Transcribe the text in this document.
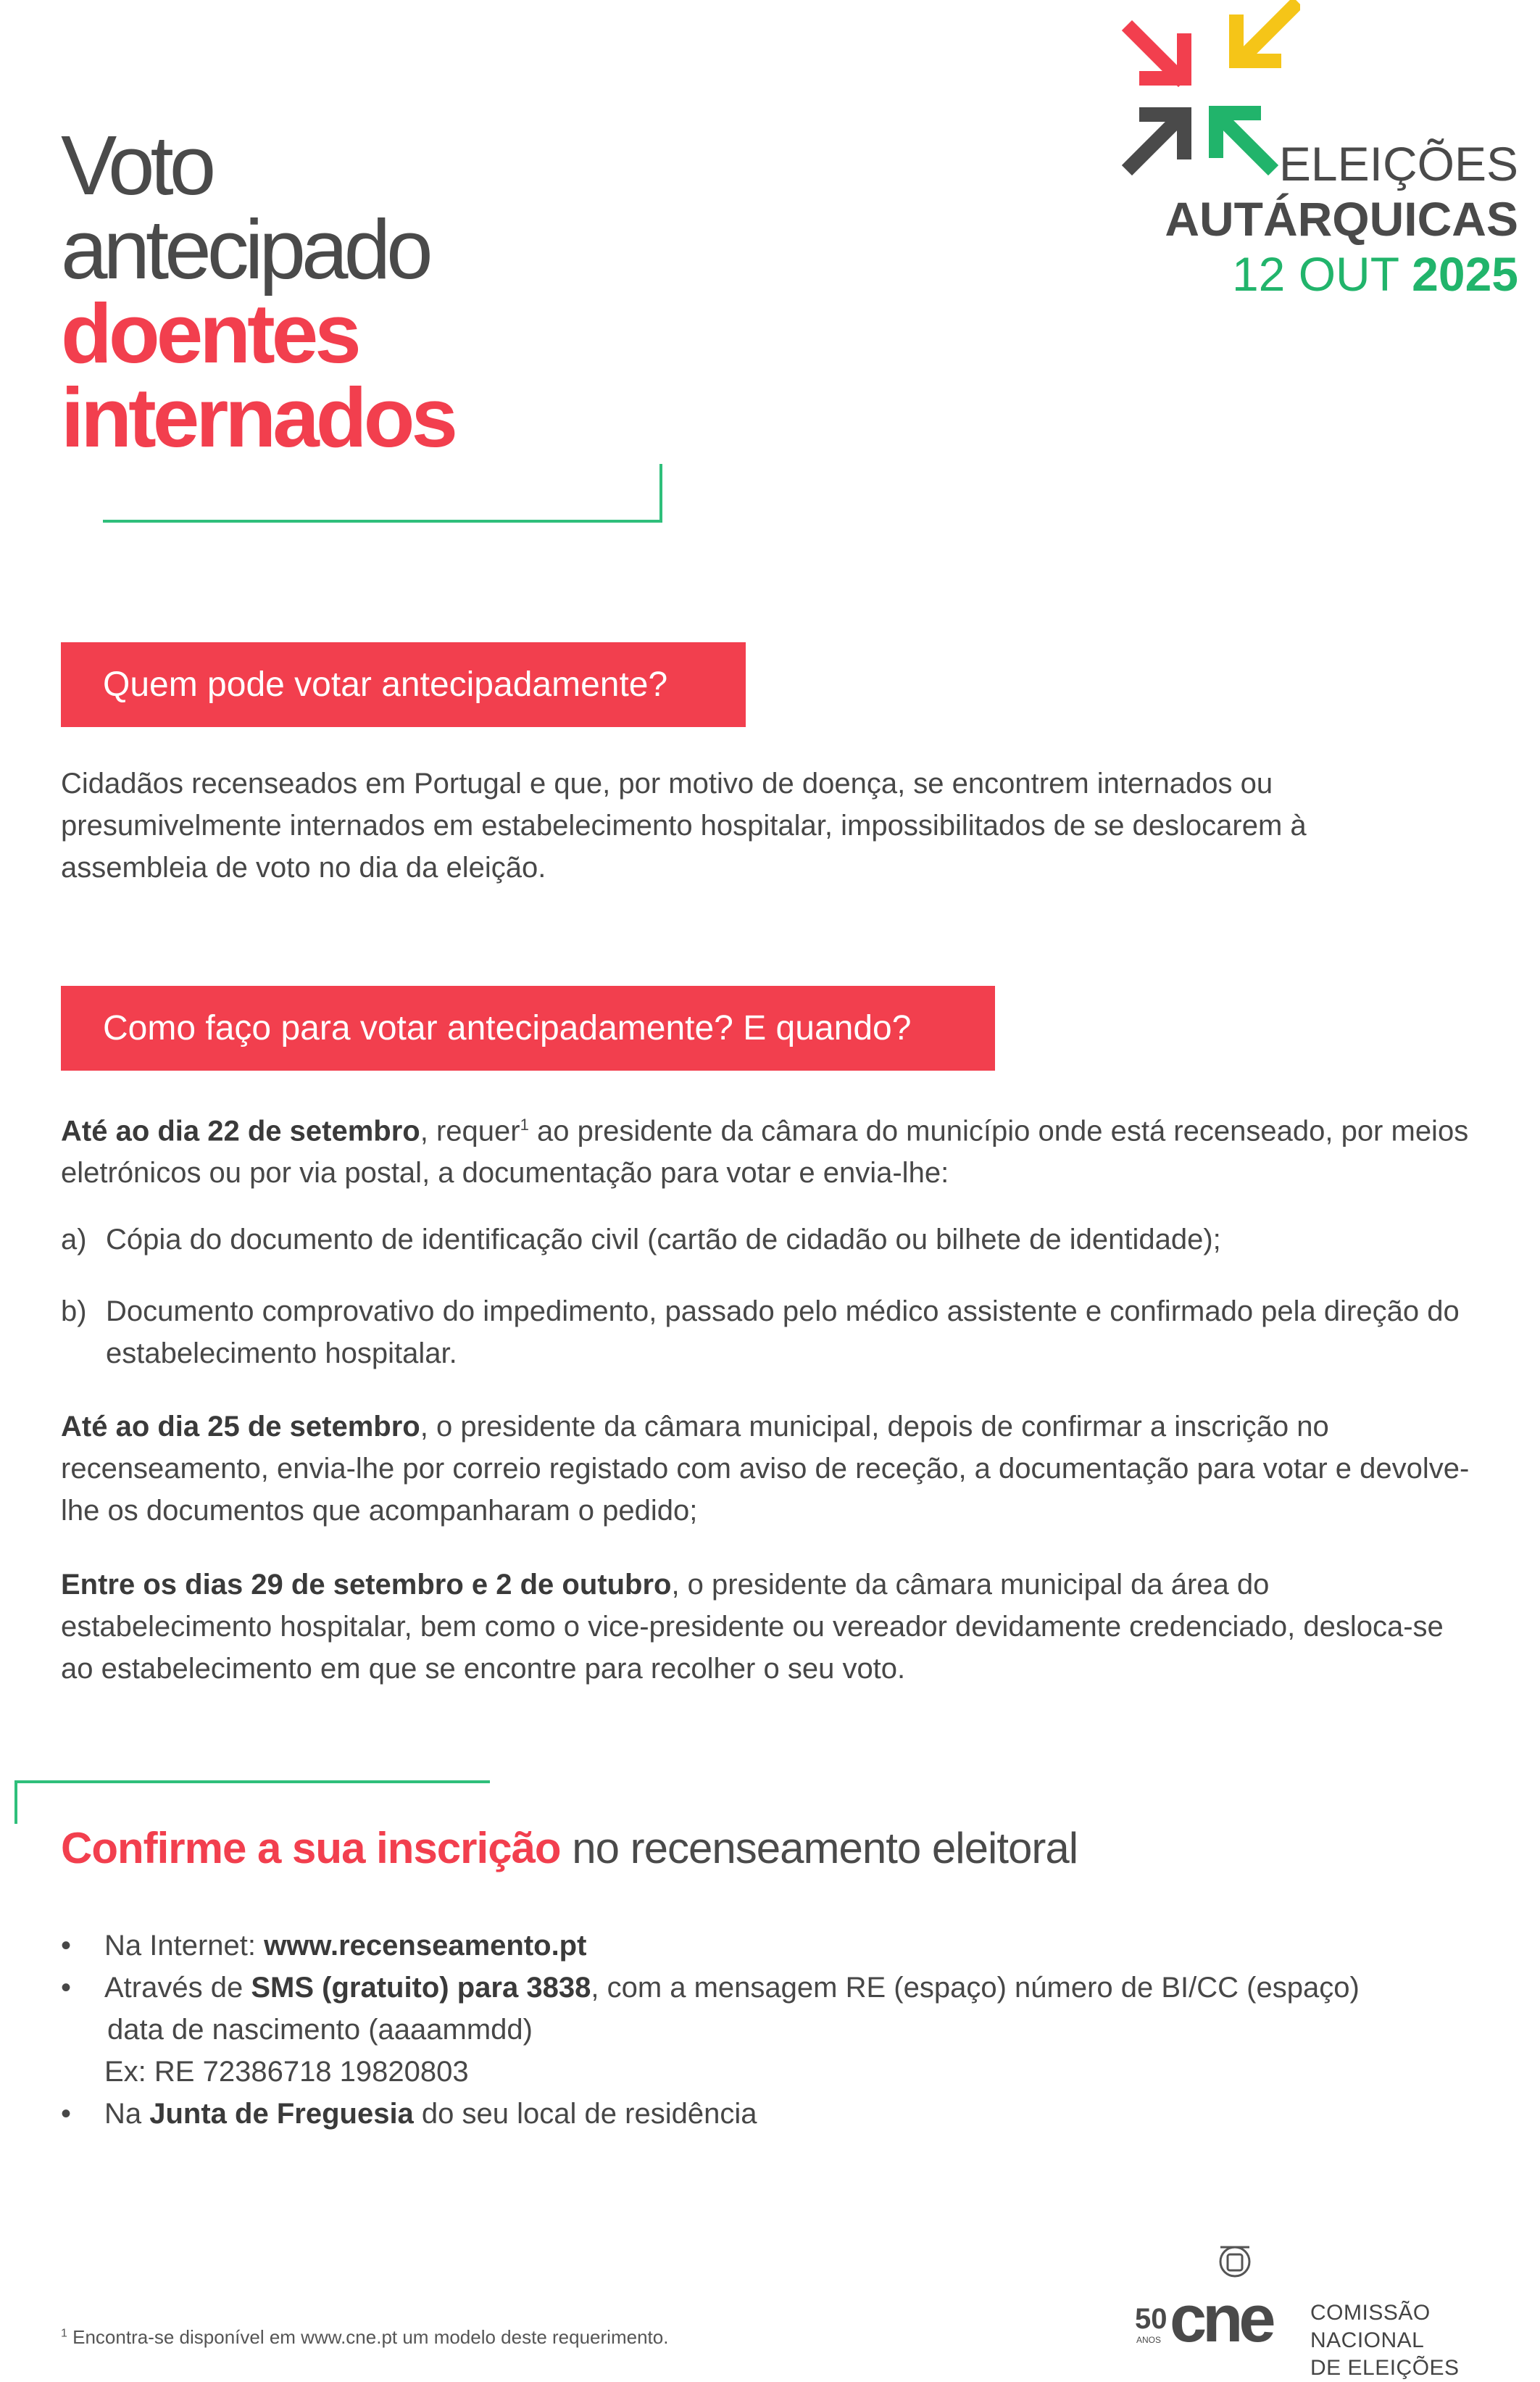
Voto
antecipado
doentes
internados
ELEIÇÕES
AUTÁRQUICAS
12 OUT 2025
Quem pode votar antecipadamente?
Cidadãos recenseados em Portugal e que, por motivo de doença, se encontrem internados ou presumivelmente internados em estabelecimento hospitalar, impossibilitados de se deslocarem à assembleia de voto no dia da eleição.
Como faço para votar antecipadamente? E quando?
Até ao dia 22 de setembro, requer$^1$ ao presidente da câmara do município onde está recenseado, por meios eletrónicos ou por via postal, a documentação para votar e envia-lhe:
a) Cópia do documento de identificação civil (cartão de cidadão ou bilhete de identidade);
b) Documento comprovativo do impedimento, passado pelo médico assistente e confirmado pela direção do estabelecimento hospitalar.
Até ao dia 25 de setembro, o presidente da câmara municipal, depois de confirmar a inscrição no recenseamento, envia-lhe por correio registado com aviso de receção, a documentação para votar e devolve-lhe os documentos que acompanharam o pedido;
Entre os dias 29 de setembro e 2 de outubro, o presidente da câmara municipal da área do estabelecimento hospitalar, bem como o vice-presidente ou vereador devidamente credenciado, desloca-se ao estabelecimento em que se encontre para recolher o seu voto.
Confirme a sua inscrição no recenseamento eleitoral
• Na Internet: www.recenseamento.pt
• Através de SMS (gratuito) para 3838, com a mensagem RE (espaço) número de BI/CC (espaço)
data de nascimento (aaaammdd)
Ex: RE 72386718 19820803
• Na Junta de Freguesia do seu local de residência
$^1$ Encontra-se disponível em www.cne.pt um modelo deste requerimento.
50
ANOS cne COMISSÃO NACIONAL
DE ELEIÇÕES
